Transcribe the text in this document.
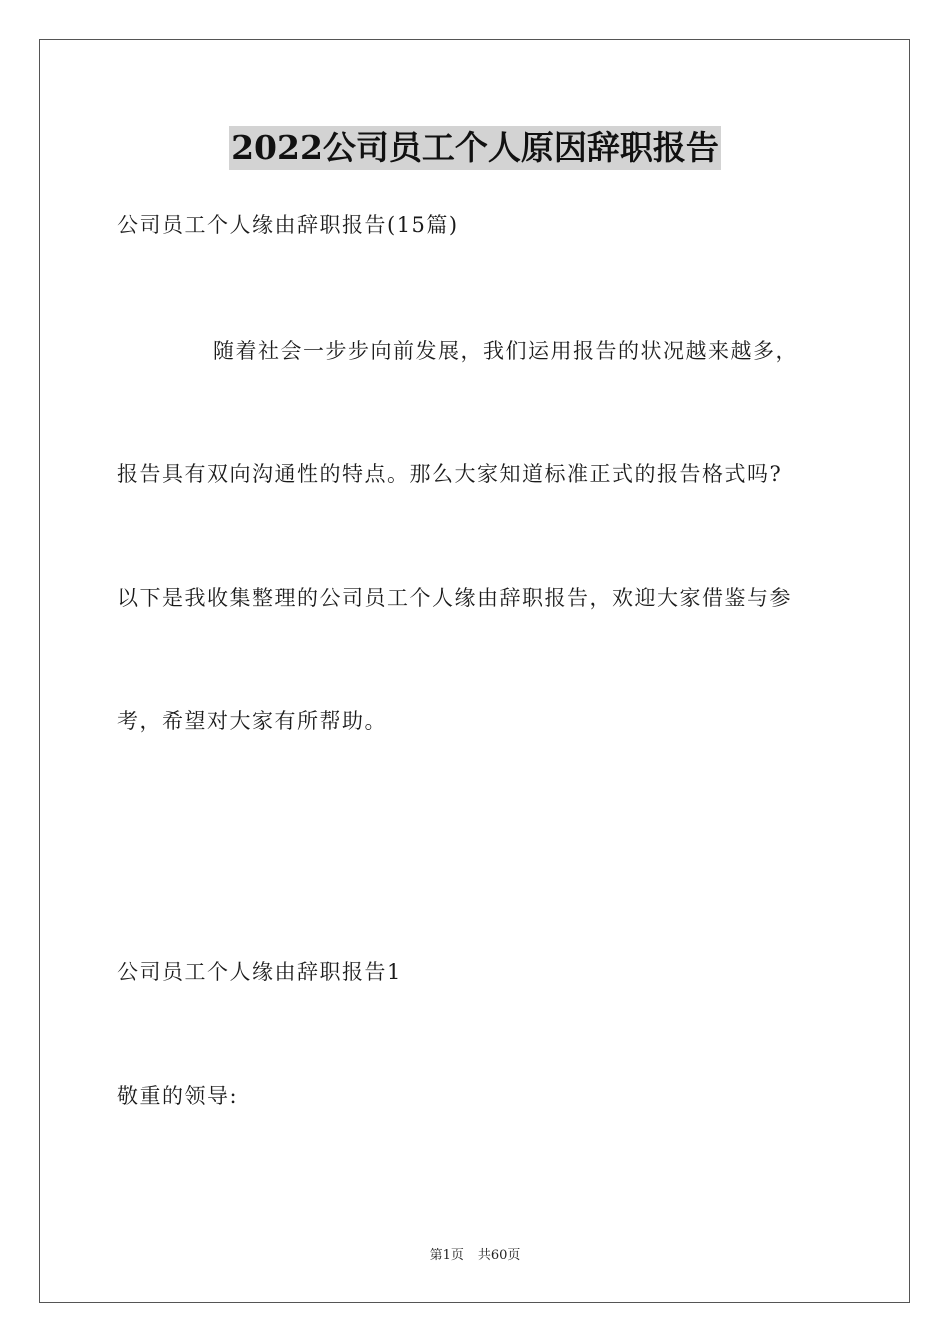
2022公司员工个人原因辞职报告
公司员工个人缘由辞职报告(15篇)
随着社会一步步向前发展，我们运用报告的状况越来越多，
报告具有双向沟通性的特点。那么大家知道标准正式的报告格式吗?
以下是我收集整理的公司员工个人缘由辞职报告，欢迎大家借鉴与参
考，希望对大家有所帮助。
公司员工个人缘由辞职报告1
敬重的领导:
第1页 共60页
